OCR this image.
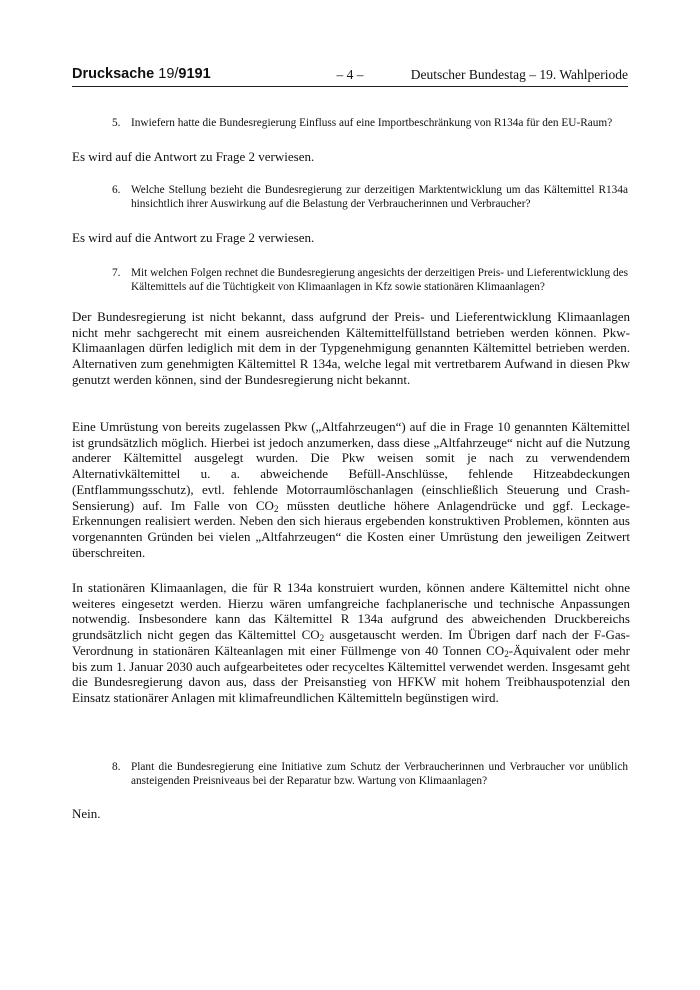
Drucksache 19/9191	– 4 –	Deutscher Bundestag – 19. Wahlperiode
5. Inwiefern hatte die Bundesregierung Einfluss auf eine Importbeschränkung von R134a für den EU-Raum?

Es wird auf die Antwort zu Frage 2 verwiesen.

6. Welche Stellung bezieht die Bundesregierung zur derzeitigen Marktentwicklung um das Kältemittel R134a hinsichtlich ihrer Auswirkung auf die Belastung der Verbraucherinnen und Verbraucher?

Es wird auf die Antwort zu Frage 2 verwiesen.

7. Mit welchen Folgen rechnet die Bundesregierung angesichts der derzeitigen Preis- und Lieferentwicklung des Kältemittels auf die Tüchtigkeit von Klimaanlagen in Kfz sowie stationären Klimaanlagen?

Der Bundesregierung ist nicht bekannt, dass aufgrund der Preis- und Lieferentwicklung Klimaanlagen nicht mehr sachgerecht mit einem ausreichenden Kältemittelfüllstand betrieben werden können. Pkw-Klimaanlagen dürfen lediglich mit dem in der Typgenehmigung genannten Kältemittel betrieben werden. Alternativen zum genehmigten Kältemittel R 134a, welche legal mit vertretbarem Aufwand in diesen Pkw genutzt werden können, sind der Bundesregierung nicht bekannt.

Eine Umrüstung von bereits zugelassen Pkw („Altfahrzeugen“) auf die in Frage 10 genannten Kältemittel ist grundsätzlich möglich. Hierbei ist jedoch anzumerken, dass diese „Altfahrzeuge“ nicht auf die Nutzung anderer Kältemittel ausgelegt wurden. Die Pkw weisen somit je nach zu verwendendem Alternativkältemittel u. a. abweichende Befüll-Anschlüsse, fehlende Hitzeabdeckungen (Entflammungsschutz), evtl. fehlende Motorraumlöschanlagen (einschließlich Steuerung und Crash-Sensierung) auf. Im Falle von $CO_2$ müssten deutliche höhere Anlagendrücke und ggf. Leckage-Erkennungen realisiert werden. Neben den sich hieraus ergebenden konstruktiven Problemen, könnten aus vorgenannten Gründen bei vielen „Altfahrzeugen“ die Kosten einer Umrüstung den jeweiligen Zeitwert überschreiten.

In stationären Klimaanlagen, die für R 134a konstruiert wurden, können andere Kältemittel nicht ohne weiteres eingesetzt werden. Hierzu wären umfangreiche fachplanerische und technische Anpassungen notwendig. Insbesondere kann das Kältemittel R 134a aufgrund des abweichenden Druckbereichs grundsätzlich nicht gegen das Kältemittel $CO_2$ ausgetauscht werden. Im Übrigen darf nach der F-Gas-Verordnung in stationären Kälteanlagen mit einer Füllmenge von 40 Tonnen $CO_2$-Äquivalent oder mehr bis zum 1. Januar 2030 auch aufgearbeitetes oder recyceltes Kältemittel verwendet werden. Insgesamt geht die Bundesregierung davon aus, dass der Preisanstieg von HFKW mit hohem Treibhauspotenzial den Einsatz stationärer Anlagen mit klimafreundlichen Kältemitteln begünstigen wird.

8. Plant die Bundesregierung eine Initiative zum Schutz der Verbraucherinnen und Verbraucher vor unüblich ansteigenden Preisniveaus bei der Reparatur bzw. Wartung von Klimaanlagen?

Nein.
